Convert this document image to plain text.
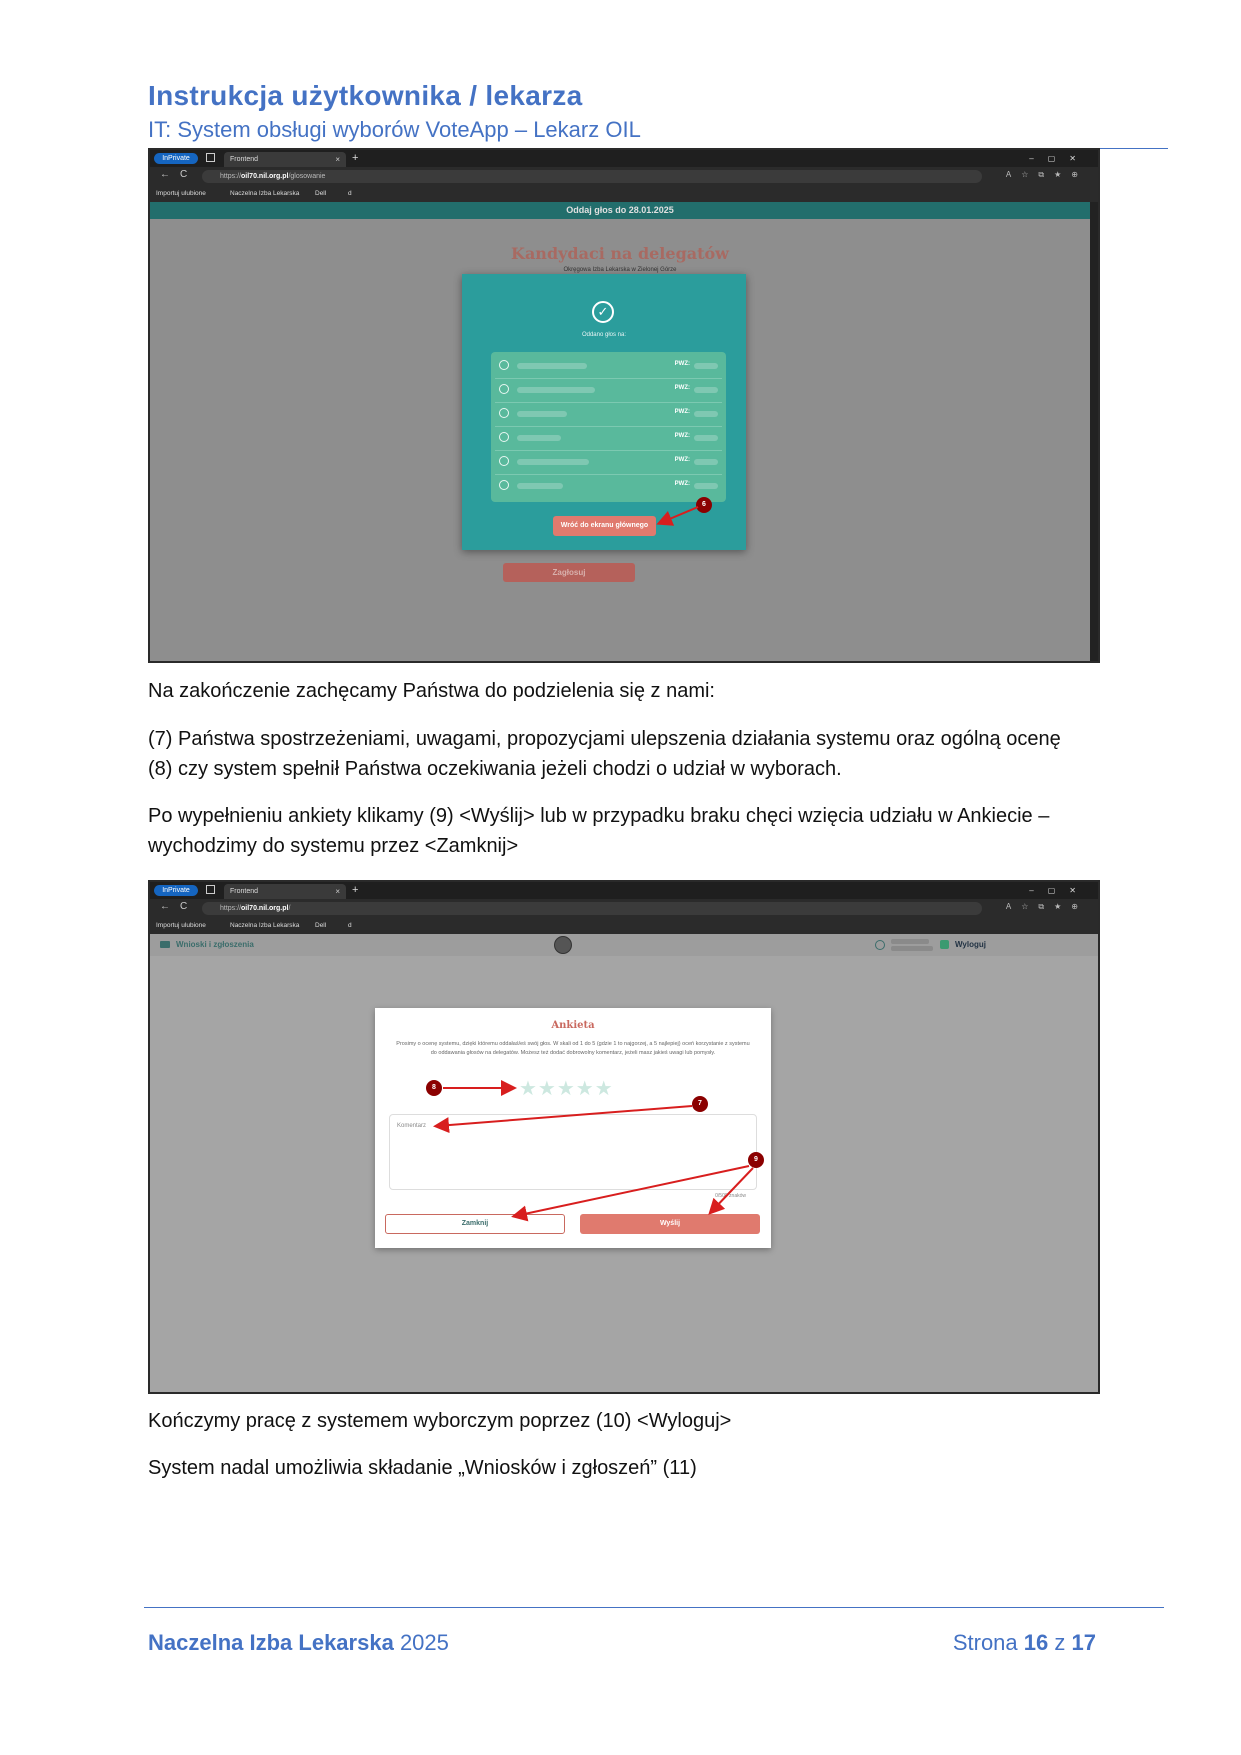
Instrukcja użytkownika / lekarza
IT: System obsługi wyborów VoteApp – Lekarz OIL
InPrivate	Frontend	× +	–▢✕
← C	https://oil70.nil.org.pl/glosowanie	A☆⧉★⊕
Importuj ulubione	Naczelna Izba Lekarska Dell	d
Oddaj głos do 28.01.2025
Kandydaci na delegatów
Okręgowa Izba Lekarska w Zielonej Górze
Zagłosuj
✓
Oddano głos na:
PWZ:
PWZ:
PWZ:
PWZ:
PWZ:
PWZ:
Wróć do ekranu głównego
6
Na zakończenie zachęcamy Państwa do podzielenia się z nami:
(7) Państwa spostrzeżeniami, uwagami, propozycjami ulepszenia działania systemu oraz ogólną ocenę
(8) czy system spełnił Państwa oczekiwania jeżeli chodzi o udział w wyborach.
Po wypełnieniu ankiety klikamy (9) <Wyślij> lub w przypadku braku chęci wzięcia udziału w Ankiecie –
wychodzimy do systemu przez <Zamknij>
InPrivate	Frontend	× +	–▢✕
← C	https://oil70.nil.org.pl/	A☆⧉★⊕
Importuj ulubione	Naczelna Izba Lekarska Dell	d
Wnioski i zgłoszenia	Wyloguj
Ankieta
Prosimy o ocenę systemu, dzięki któremu oddałaś/eś swój głos. W skali od 1 do 5 (gdzie 1 to najgorzej, a 5 najlepiej) oceń korzystanie z systemu do oddawania głosów na delegatów. Możesz też dodać dobrowolny komentarz, jeżeli masz jakieś uwagi lub pomysły.
★★★★★
Komentarz
0/500 znaków
Zamknij	Wyślij
8
7
9
Kończymy pracę z systemem wyborczym poprzez (10) <Wyloguj>
System nadal umożliwia składanie „Wniosków i zgłoszeń” (11)
Naczelna Izba Lekarska 2025	Strona 16 z 17
